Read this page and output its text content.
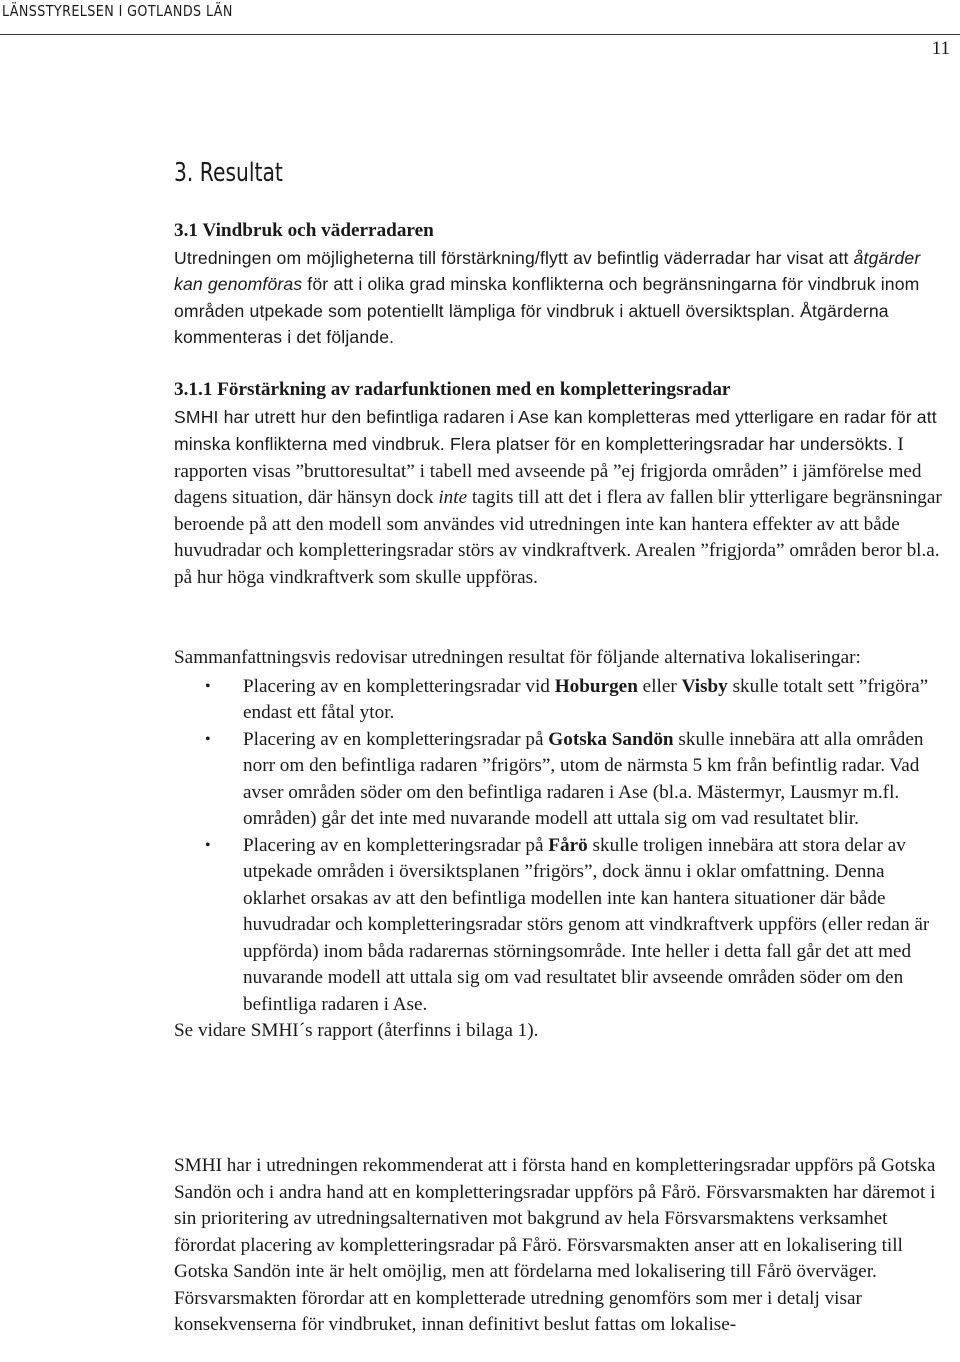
LÄNSSTYRELSEN I GOTLANDS LÄN
11
3. Resultat

3.1 Vindbruk och väderradaren

Utredningen om möjligheterna till förstärkning/flytt av befintlig väderradar har visat att åtgärder kan genomföras för att i olika grad minska konflikterna och begränsningarna för vindbruk inom områden utpekade som potentiellt lämpliga för vindbruk i aktuell översiktsplan. Åtgärderna kommenteras i det följande.

3.1.1 Förstärkning av radarfunktionen med en kompletteringsradar

SMHI har utrett hur den befintliga radaren i Ase kan kompletteras med ytterligare en radar för att minska konflikterna med vindbruk. Flera platser för en kompletteringsradar har undersökts. I rapporten visas ”bruttoresultat” i tabell med avseende på ”ej frigjorda områden” i jämförelse med dagens situation, där hänsyn dock inte tagits till att det i flera av fallen blir ytterligare begränsningar beroende på att den modell som användes vid utredningen inte kan hantera effekter av att både huvudradar och kompletteringsradar störs av vindkraftverk. Arealen ”frigjorda” områden beror bl.a. på hur höga vindkraftverk som skulle uppföras.

Sammanfattningsvis redovisar utredningen resultat för följande alternativa lokaliseringar:

• Placering av en kompletteringsradar vid Hoburgen eller Visby skulle totalt sett ”frigöra” endast ett fåtal ytor.
• Placering av en kompletteringsradar på Gotska Sandön skulle innebära att alla områden norr om den befintliga radaren ”frigörs”, utom de närmsta 5 km från befintlig radar. Vad avser områden söder om den befintliga radaren i Ase (bl.a. Mästermyr, Lausmyr m.fl. områden) går det inte med nuvarande modell att uttala sig om vad resultatet blir.
• Placering av en kompletteringsradar på Fårö skulle troligen innebära att stora delar av utpekade områden i översiktsplanen ”frigörs”, dock ännu i oklar omfattning. Denna oklarhet orsakas av att den befintliga modellen inte kan hantera situationer där både huvudradar och kompletteringsradar störs genom att vindkraftverk uppförs (eller redan är uppförda) inom båda radarernas störningsområde. Inte heller i detta fall går det att med nuvarande modell att uttala sig om vad resultatet blir avseende områden söder om den befintliga radaren i Ase.

Se vidare SMHI´s rapport (återfinns i bilaga 1).

SMHI har i utredningen rekommenderat att i första hand en kompletteringsradar uppförs på Gotska Sandön och i andra hand att en kompletteringsradar uppförs på Fårö. Försvarsmakten har däremot i sin prioritering av utredningsalternativen mot bakgrund av hela Försvarsmaktens verksamhet förordat placering av kompletteringsradar på Fårö. Försvarsmakten anser att en lokalisering till Gotska Sandön inte är helt omöjlig, men att fördelarna med lokalisering till Fårö överväger. Försvarsmakten förordar att en kompletterade utredning genomförs som mer i detalj visar konsekvenserna för vindbruket, innan definitivt beslut fattas om lokalise-
